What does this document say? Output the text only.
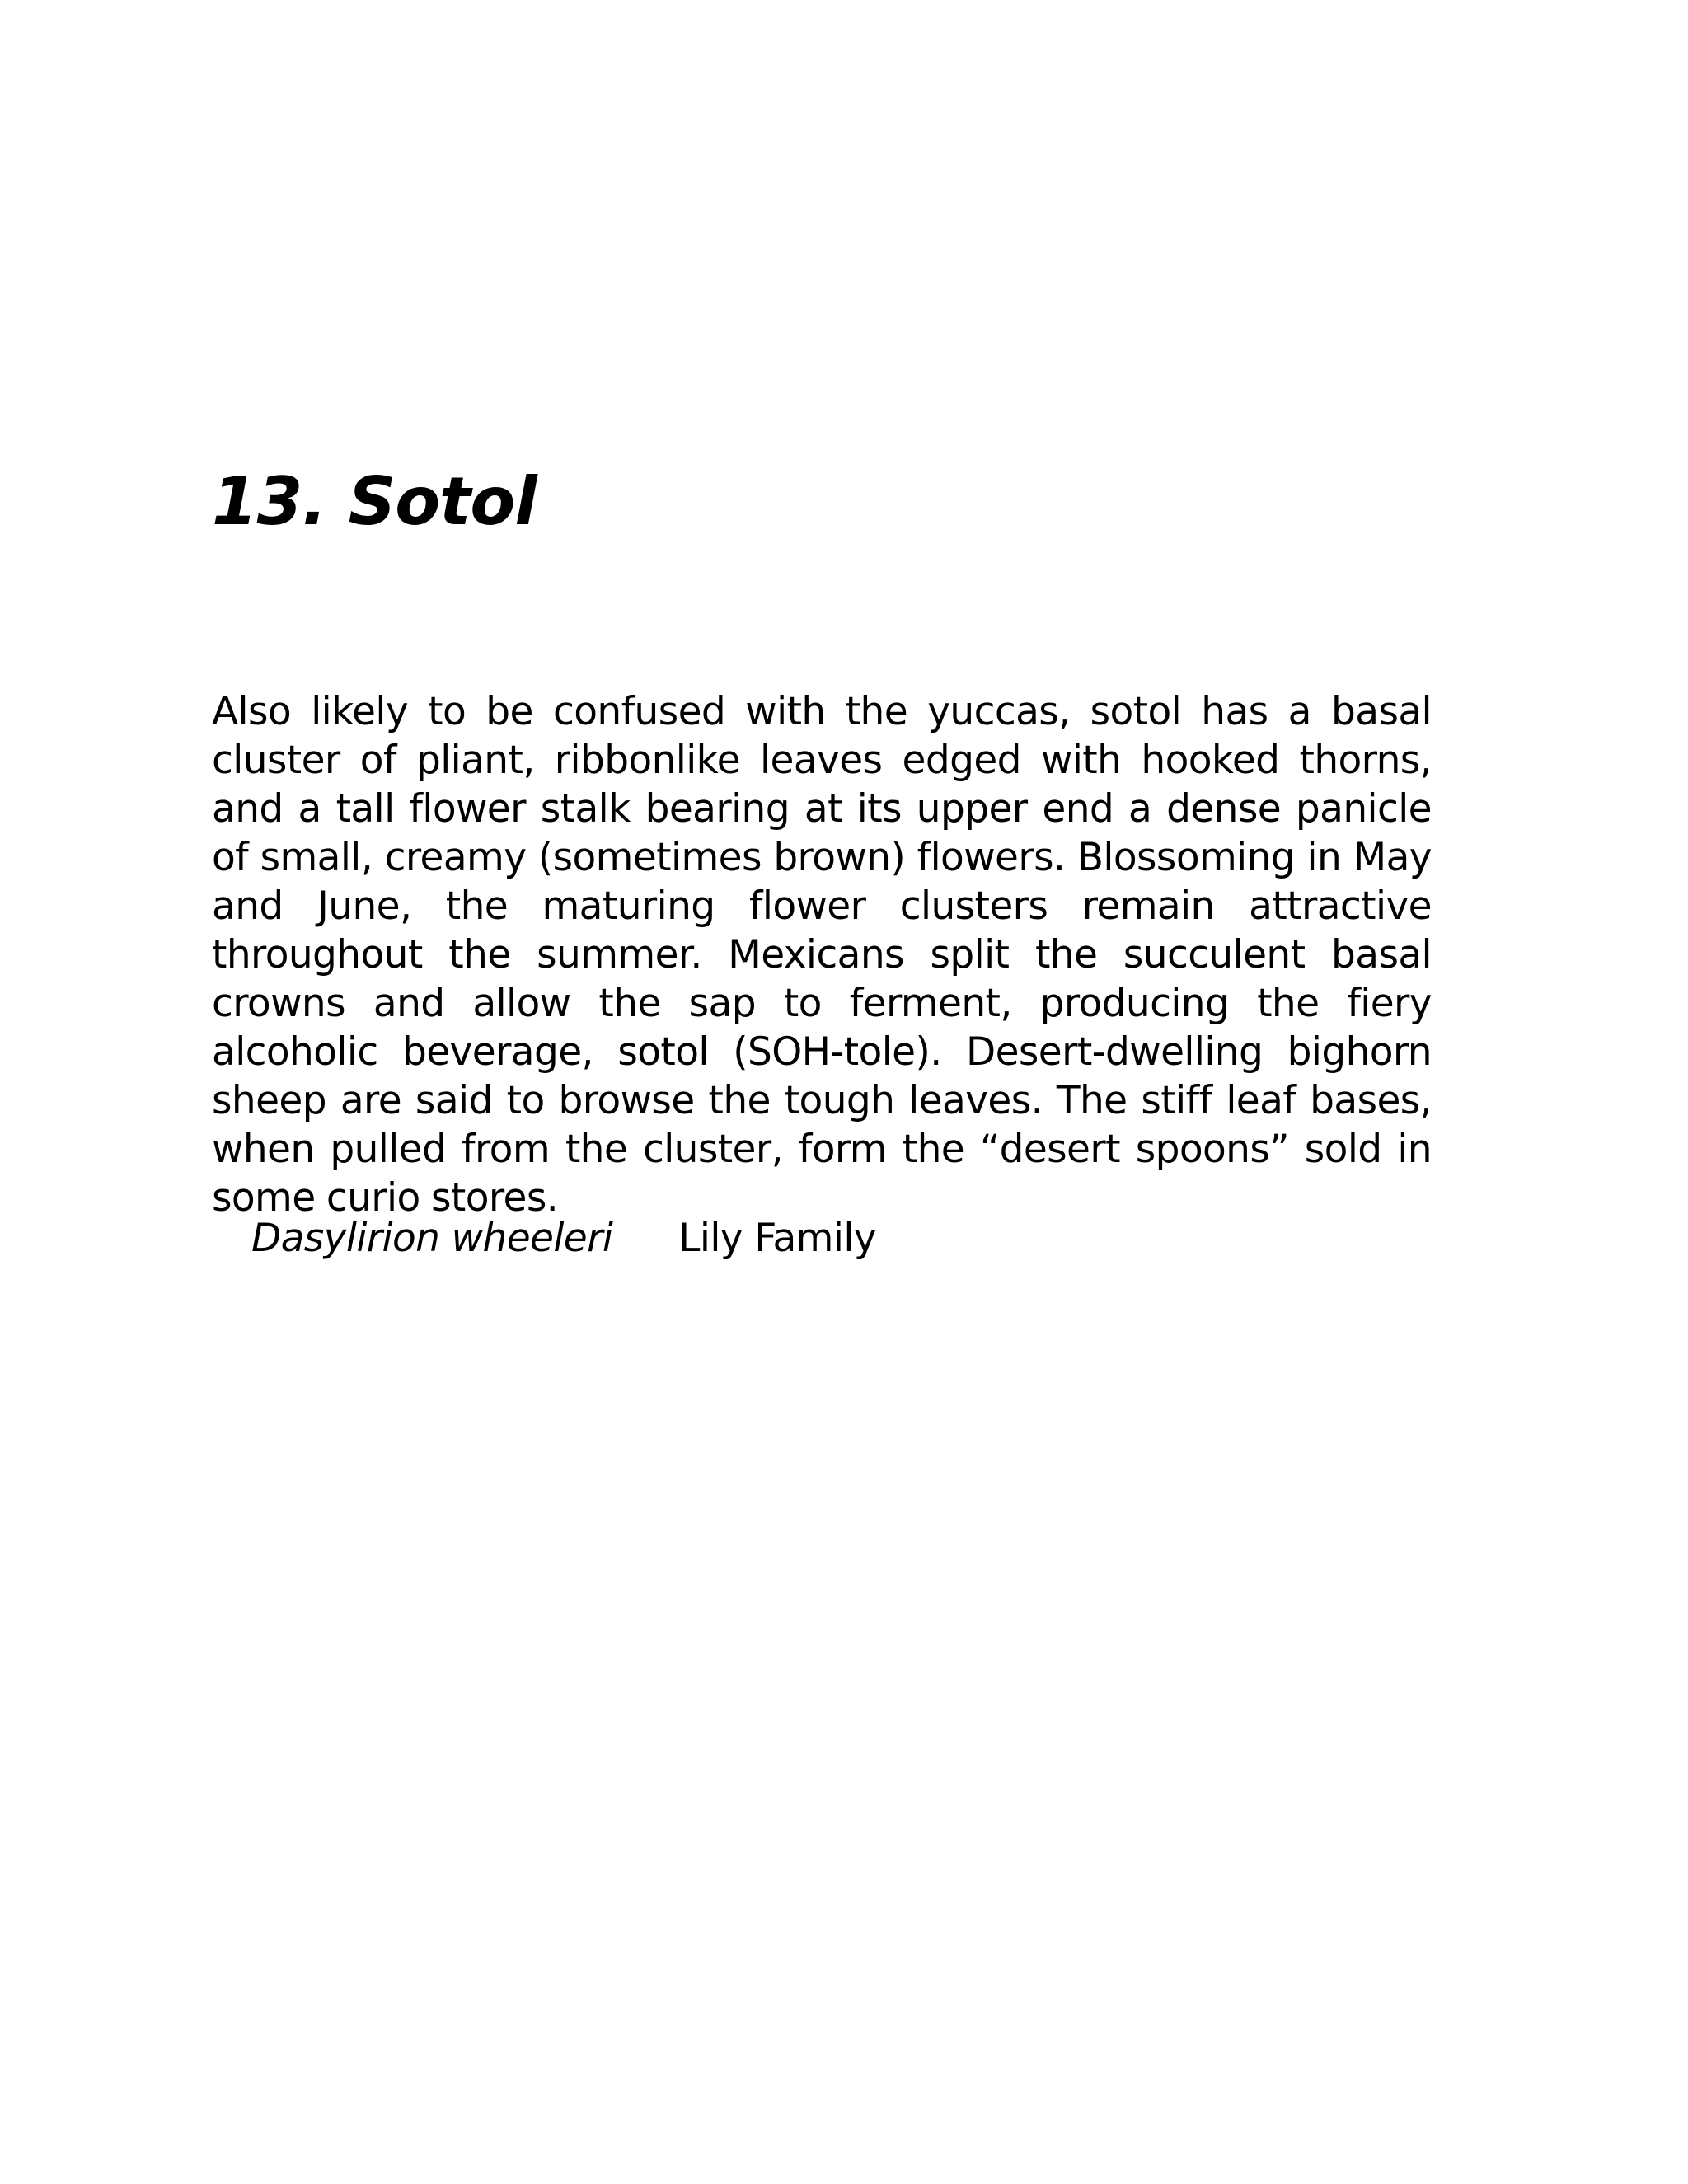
13. Sotol

Also likely to be confused with the yuccas, sotol has a basal cluster of pliant, ribbonlike leaves edged with hooked thorns, and a tall flower stalk bearing at its upper end a dense panicle of small, creamy (sometimes brown) flowers. Blossoming in May and June, the maturing flower clusters remain attractive throughout the summer. Mexicans split the succulent basal crowns and allow the sap to ferment, producing the fiery alcoholic beverage, sotol (SOH-tole). Desert-dwelling bighorn sheep are said to browse the tough leaves. The stiff leaf bases, when pulled from the cluster, form the “desert spoons” sold in some curio stores.

Dasylirion wheeleri Lily Family
